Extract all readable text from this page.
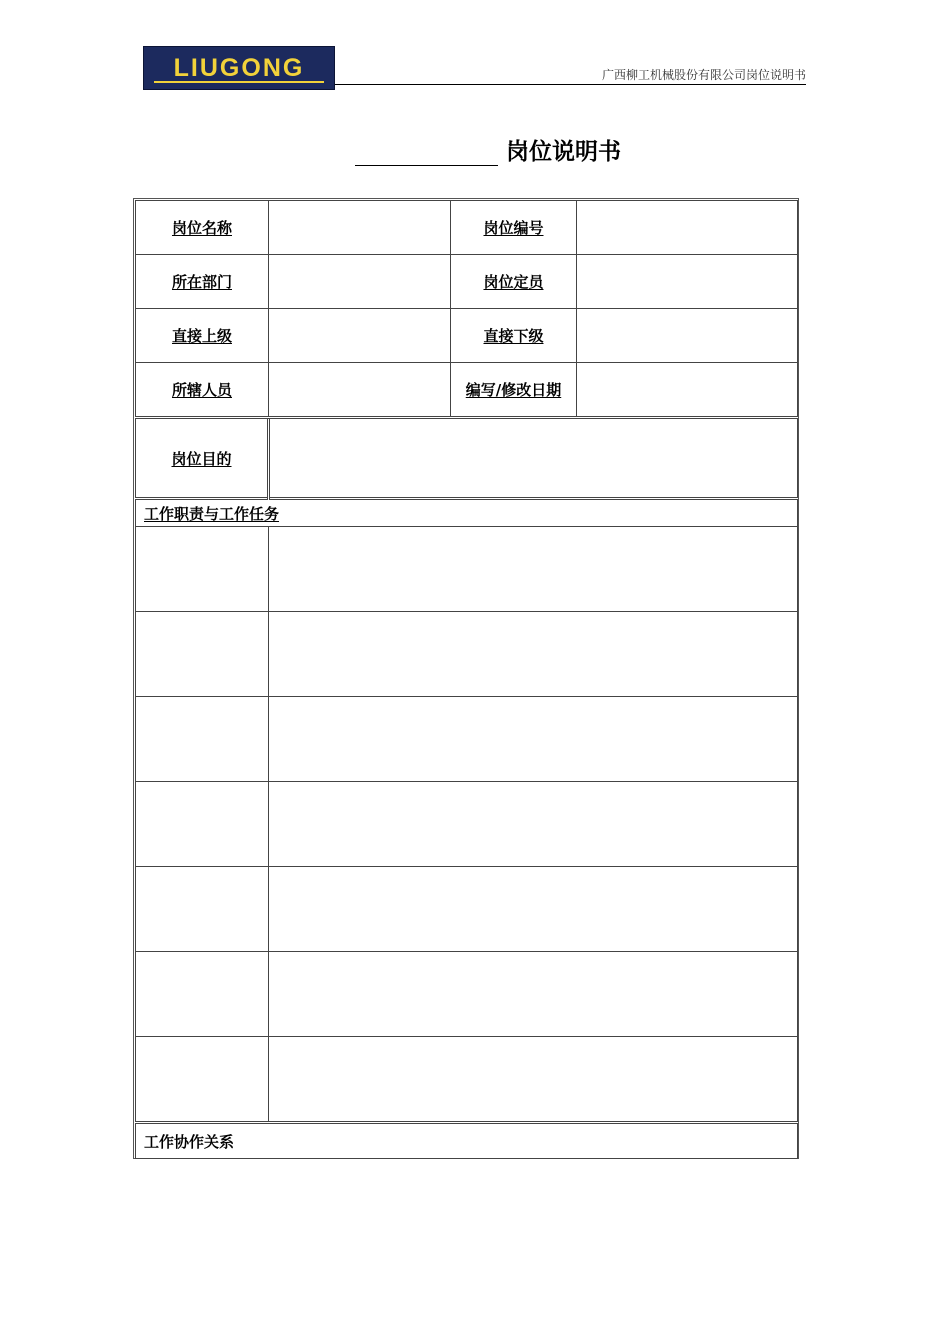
LIUGONG	广西柳工机械股份有限公司岗位说明书
岗位说明书
岗位名称		岗位编号	
所在部门		岗位定员	
直接上级		直接下级	
所辖人员		编写/修改日期	
岗位目的			
工作职责与工作任务			

工作协作关系			
